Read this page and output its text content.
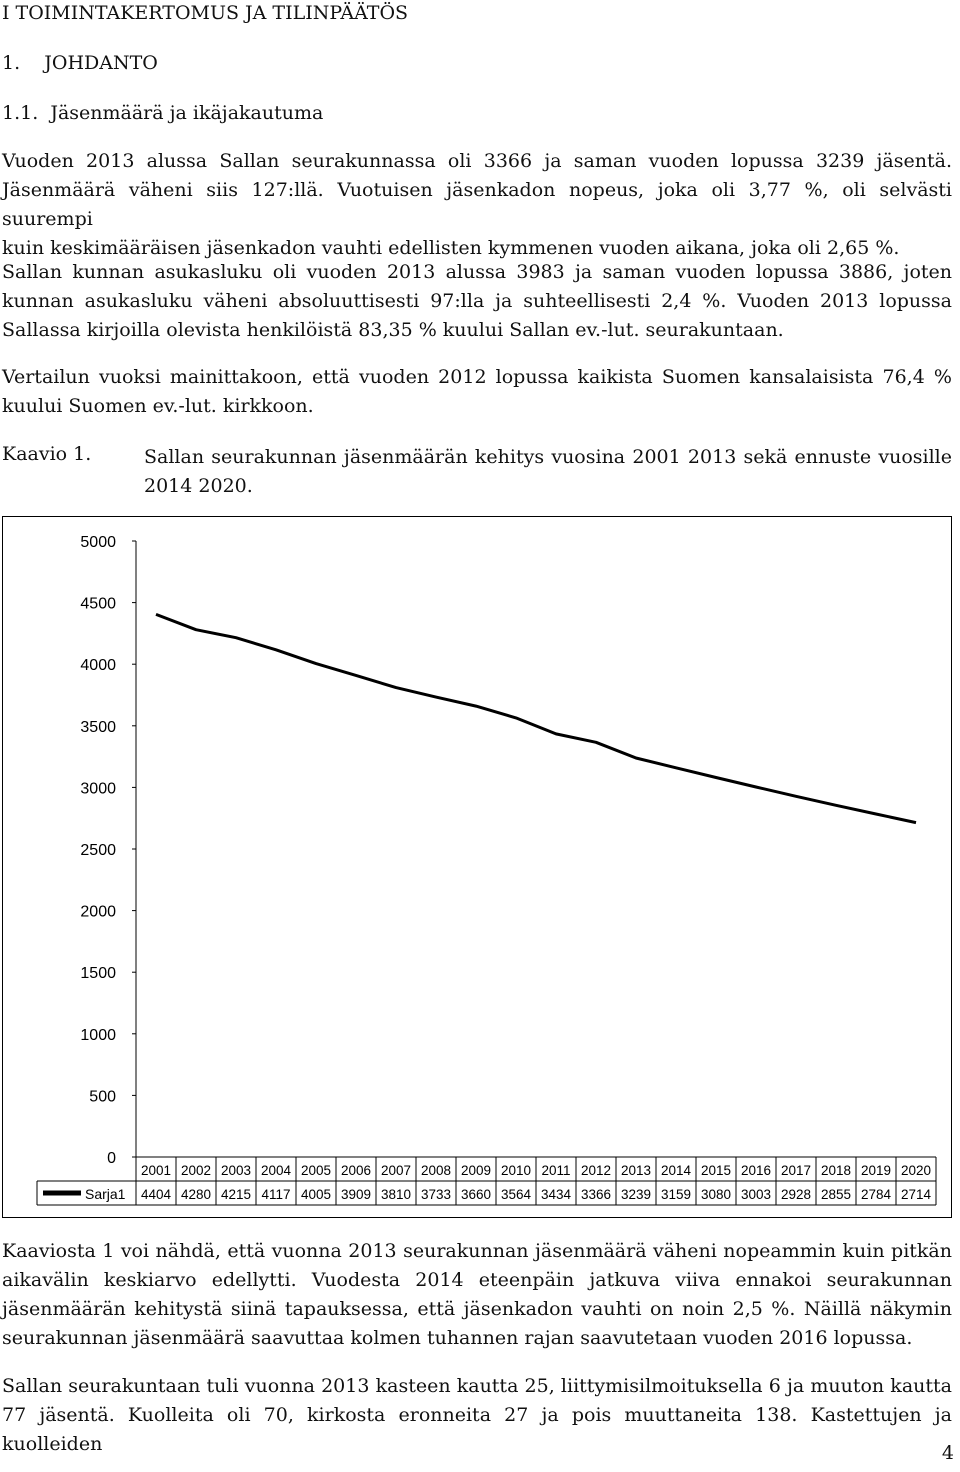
I TOIMINTAKERTOMUS JA TILINPÄÄTÖS
1.    JOHDANTO
1.1.  Jäsenmäärä ja ikäjakautuma
Vuoden 2013 alussa Sallan seurakunnassa oli 3366 ja saman vuoden lopussa 3239 jäsentä.
Jäsenmäärä väheni siis 127:llä. Vuotuisen jäsenkadon nopeus, joka oli 3,77 %, oli selvästi suurempi
kuin keskimääräisen jäsenkadon vauhti edellisten kymmenen vuoden aikana, joka oli 2,65 %.
Sallan kunnan asukasluku oli vuoden 2013 alussa 3983 ja saman vuoden lopussa 3886, joten
kunnan asukasluku väheni absoluuttisesti 97:lla ja suhteellisesti 2,4 %. Vuoden 2013 lopussa
Sallassa kirjoilla olevista henkilöistä 83,35 % kuului Sallan ev.-lut. seurakuntaan.
Vertailun vuoksi mainittakoon, että vuoden 2012 lopussa kaikista Suomen kansalaisista 76,4 %
kuului Suomen ev.-lut. kirkkoon.
Kaavio 1.	Sallan seurakunnan jäsenmäärän kehitys vuosina 2001 2013 sekä ennuste vuosille 2014 2020.
0
500
1000
1500
2000
2500
3000
3500
4000
4500
5000
Sarja1
2001
4404
2002
4280
2003
4215
2004
4117
2005
4005
2006
3909
2007
3810
2008
3733
2009
3660
2010
3564
2011
3434
2012
3366
2013
3239
2014
3159
2015
3080
2016
3003
2017
2928
2018
2855
2019
2784
2020
2714
Kaaviosta 1 voi nähdä, että vuonna 2013 seurakunnan jäsenmäärä väheni nopeammin kuin pitkän
aikavälin keskiarvo edellytti. Vuodesta 2014 eteenpäin jatkuva viiva ennakoi seurakunnan
jäsenmäärän kehitystä siinä tapauksessa, että jäsenkadon vauhti on noin 2,5 %. Näillä näkymin
seurakunnan jäsenmäärä saavuttaa kolmen tuhannen rajan saavutetaan vuoden 2016 lopussa.
Sallan seurakuntaan tuli vuonna 2013 kasteen kautta 25, liittymisilmoituksella 6 ja muuton kautta
77 jäsentä. Kuolleita oli 70, kirkosta eronneita 27 ja pois muuttaneita 138. Kastettujen ja kuolleiden	4
